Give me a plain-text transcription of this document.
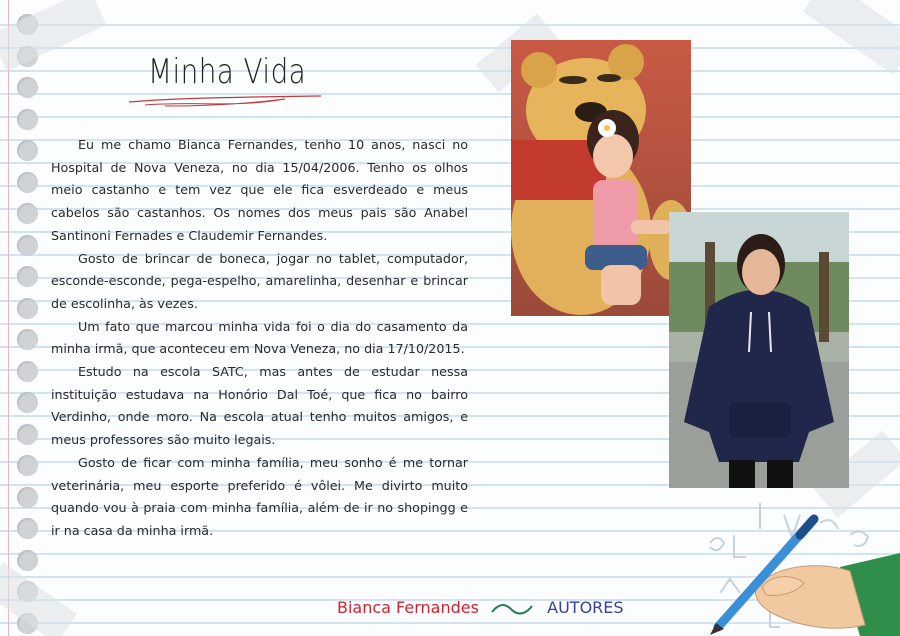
Minha Vida

Eu me chamo Bianca Fernandes, tenho 10 anos, nasci no Hospital de Nova Veneza, no dia 15/04/2006. Tenho os olhos meio castanho e tem vez que ele fica esverdeado e meus cabelos são castanhos. Os nomes dos meus pais são Anabel Santinoni Fernades e Claudemir Fernandes.

Gosto de brincar de boneca, jogar no tablet, computador, esconde-esconde, pega-espelho, amarelinha, desenhar e brincar de escolinha, às vezes.

Um fato que marcou minha vida foi o dia do casamento da minha irmã, que aconteceu em Nova Veneza, no dia 17/10/2015.

Estudo na escola SATC, mas antes de estudar nessa instituição estudava na Honório Dal Toé, que fica no bairro Verdinho, onde moro. Na escola atual tenho muitos amigos, e meus professores são muito legais.

Gosto de ficar com minha família, meu sonho é me tornar veterinária, meu esporte preferido é vôlei. Me divirto muito quando vou à praia com minha família, além de ir no shopingg e ir na casa da minha irmã.

Bianca Fernandes	AUTORES
